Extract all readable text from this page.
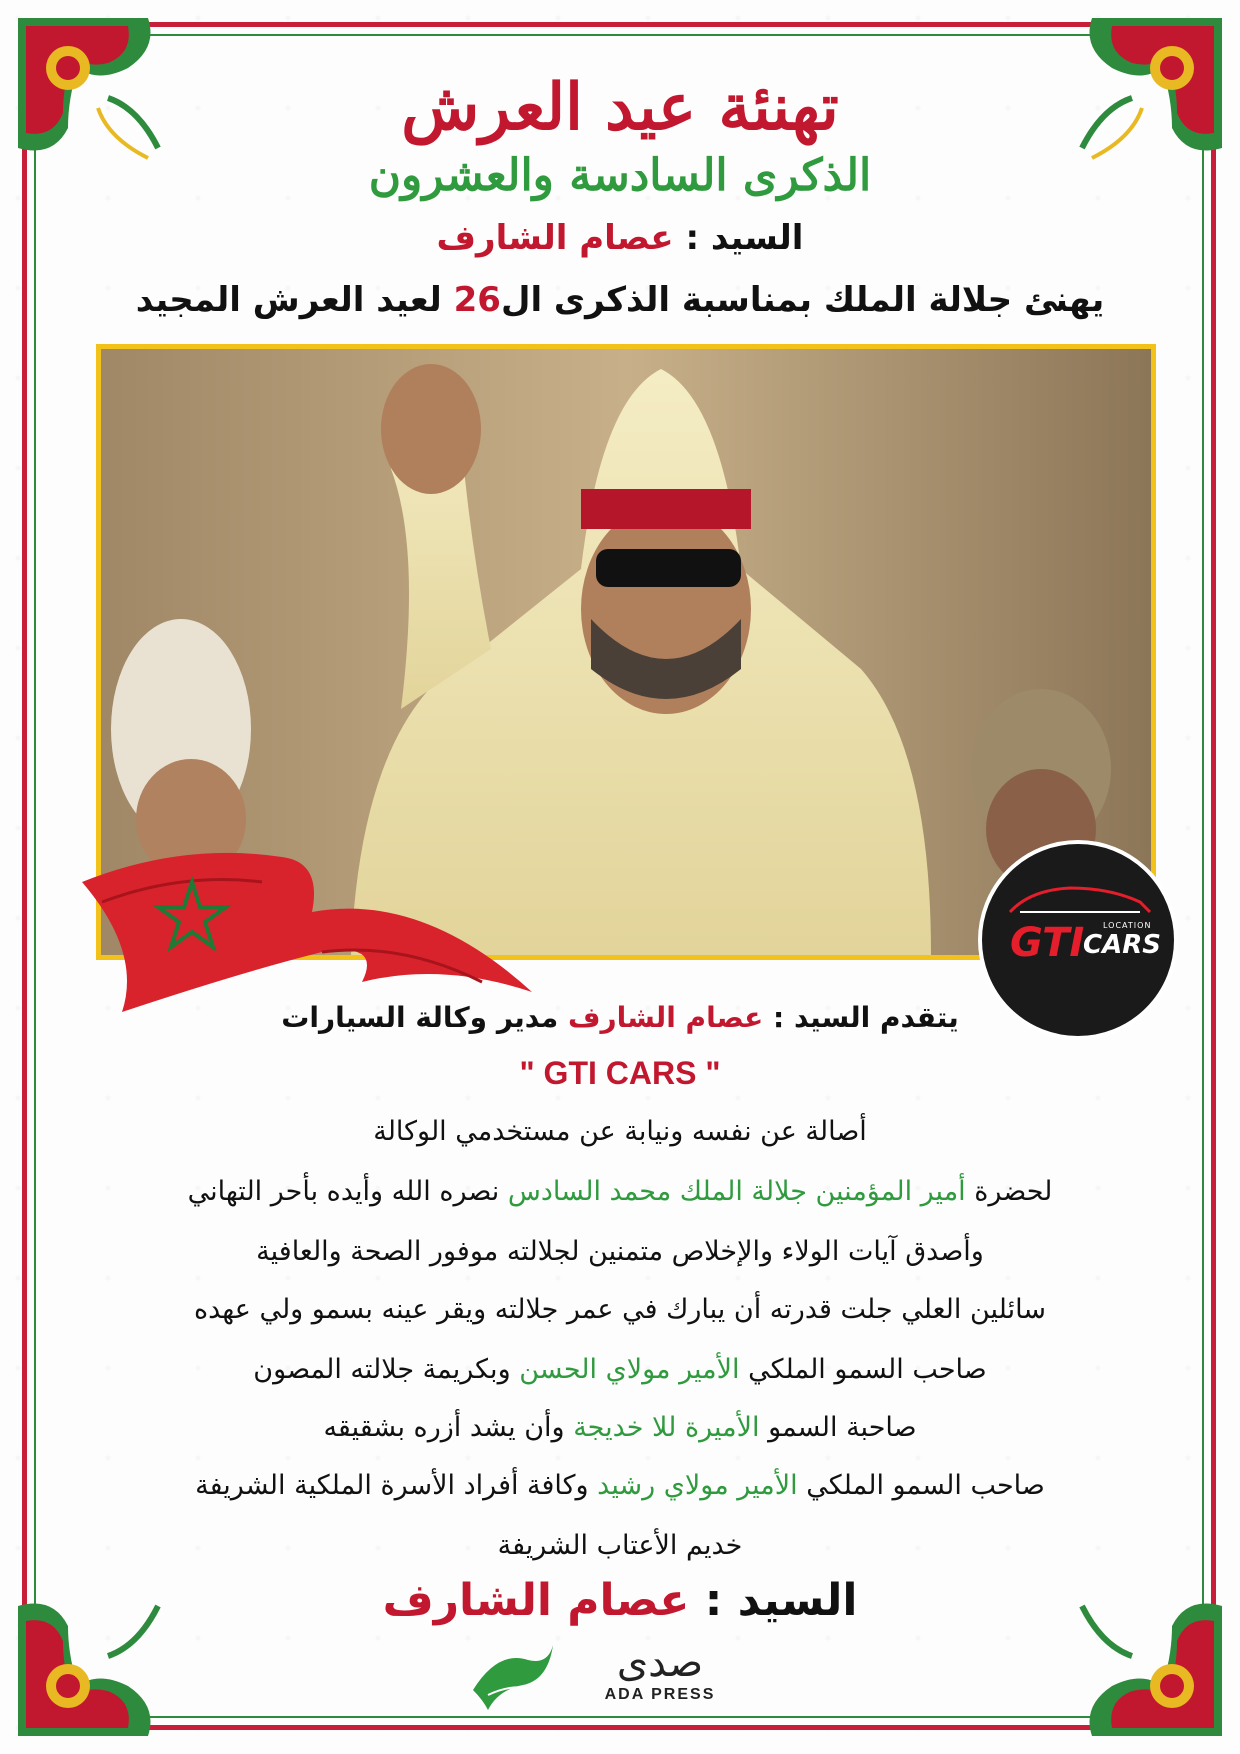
تهنئة عيد العرش
الذكرى السادسة والعشرون
السيد : عصام الشارف
يهنئ جلالة الملك بمناسبة الذكرى ال26 لعيد العرش المجيد
GTI LOCATION
CARS
يتقدم السيد : عصام الشارف مدير وكالة السيارات
" GTI CARS "
أصالة عن نفسه ونيابة عن مستخدمي الوكالة
لحضرة أمير المؤمنين جلالة الملك محمد السادس نصره الله وأيده بأحر التهاني
وأصدق آيات الولاء والإخلاص متمنين لجلالته موفور الصحة والعافية
سائلين العلي جلت قدرته أن يبارك في عمر جلالته ويقر عينه بسمو ولي عهده
صاحب السمو الملكي الأمير مولاي الحسن وبكريمة جلالته المصون
صاحبة السمو الأميرة للا خديجة وأن يشد أزره بشقيقه
صاحب السمو الملكي الأمير مولاي رشيد وكافة أفراد الأسرة الملكية الشريفة
خديم الأعتاب الشريفة
السيد : عصام الشارف
صدى
ADA PRESS
